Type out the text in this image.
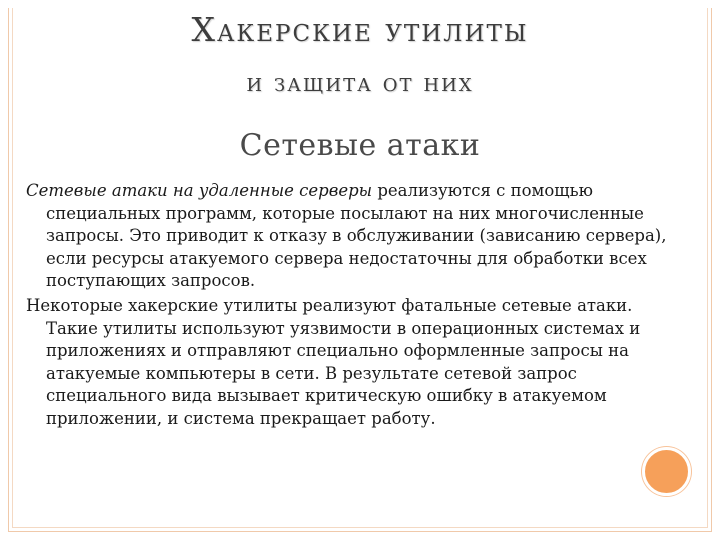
Хакерские утилиты
и защита от них
Сетевые атаки

Сетевые атаки на удаленные серверы реализуются с помощью специальных программ, которые посылают на них многочисленные запросы. Это приводит к отказу в обслуживании (зависанию сервера), если ресурсы атакуемого сервера недостаточны для обработки всех поступающих запросов.

Некоторые хакерские утилиты реализуют фатальные сетевые атаки. Такие утилиты используют уязвимости в операционных системах и приложениях и отправляют специально оформленные запросы на атакуемые компьютеры в сети. В результате сетевой запрос специального вида вызывает критическую ошибку в атакуемом приложении, и система прекращает работу.
